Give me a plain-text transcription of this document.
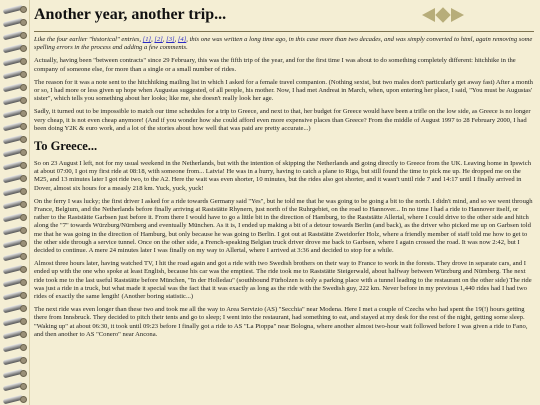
Another year, another trip...

Like the four earlier "historical" entries, [1], [2], [3], [4], this one was written a long time ago, in this case more than two decades, and was simply converted to html, again removing some spelling errors in the process and adding a few comments.

Actually, having been "between contracts" since 29 February, this was the fifth trip of the year, and for the first time I was about to do something completely different: hitchhike in the company of someone else, for more than a single or a small number of rides.

The reason for it was a note sent to the hitchhiking mailing list in which I asked for a female travel companion. (Nothing sexist, but two males don't particularly get away fast) After a month or so, I had more or less given up hope when Augustas suggested, of all people, his mother. Now, I had met Andreai in March, when, upon entering her place, I said, "You must be Augustas' sister", which tells you something about her looks; like me, she doesn't really look her age.

Sadly, it turned out to be impossible to match our time schedules for a trip to Greece, and next to that, her budget for Greece would have been a trifle on the low side, as Greece is no longer very cheap, it is not even cheap anymore! (And if you wonder how she could afford even more expensive places than Greece? From the middle of August 1997 to 28 February 2000, I had been doing Y2K & euro work, and a lot of the stories about how well that was paid are pretty accurate...)

To Greece...

So on 23 August I left, not for my usual weekend in the Netherlands, but with the intention of skipping the Netherlands and going directly to Greece from the UK. Leaving home in Ipswich at about 07:00, I got my first ride at 08:18, with someone from... Latvia! He was in a hurry, having to catch a plane to Riga, but still found the time to pick me up. He dropped me on the M25, and 13 minutes later I got ride two, to the A2. Here the wait was even shorter, 10 minutes, but the rides also got shorter, and it wasn't until ride 7 and 14:17 until I finally arrived in Dover, almost six hours for a measly 218 km. Yuck, yuck, yuck!

On the ferry I was lucky; the first driver I asked for a ride towards Germany said "Yes", but he told me that he was going to be going a bit to the north. I didn't mind, and so we went through France, Belgium, and the Netherlands before finally arriving at Raststätte Rhynern, just north of the Ruhrgebiet, on the road to Hannover... In no time I had a ride to Hannover itself, or rather to the Raststätte Garbsen just before it. From there I would have to go a little bit in the direction of Hamburg, to the Raststätte Allertal, where I could drive to the other side and hitch along the "7" towards Würzburg/Nürnberg and eventually München. As it is, I ended up making a bit of a detour towards Berlin (and back), as the driver who picked me up on Garbsen told me that he was going in the direction of Hamburg, but only because he was going to Berlin. I got out at Raststätte Zweidorfer Holz, where a friendly member of staff told me how to get to the other side through a service tunnel. Once on the other side, a French-speaking Belgian truck driver drove me back to Garbsen, where I again crossed the road. It was now 2:42, but I decided to continue. A mere 24 minutes later I was finally on my way to Allertal, where I arrived at 3:36 and decided to stop for a while.

Almost three hours later, having watched TV, I hit the road again and got a ride with two Swedish brothers on their way to France to work in the forests. They drove in separate cars, and I ended up with the one who spoke at least English, because his car was the emptiest. The ride took me to Raststätte Steigerwald, about halfway between Würzburg and Nürnberg. The next ride took me to the last useful Raststätte before München, "In der Holledau" (southbound Fürholzen is only a parking place with a tunnel leading to the restaurant on the other side) The ride was just a ride in a truck, but what made it special was the fact that it was exactly as long as the ride with the Swedish guy, 222 km. Never before in my previous 1,440 rides had I had two rides of exactly the same length! (Another boring statistic...)

The next ride was even longer than these two and took me all the way to Area Servizio (AS) "Secchia" near Modena. Here I met a couple of Czechs who had spent the 19(!) hours getting there from Innsbruck. They decided to pitch their tents and go to sleep; I went into the restaurant, had something to eat, and stayed at my desk for the rest of the night, getting some sleep. "Waking up" at about 06:30, it took until 09:23 before I finally got a ride to AS "La Pioppa" near Bologna, where another almost two-hour wait followed before I was given a ride to Fano, and then another to AS "Conero" near Ancona.
